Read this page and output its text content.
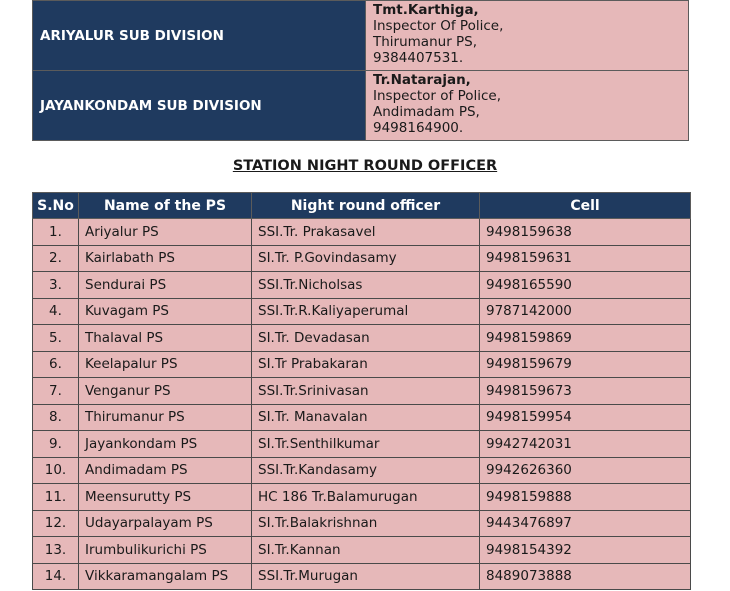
ARIYALUR SUB DIVISION	Tmt.Karthiga,
Inspector Of Police,
Thirumanur PS,
9384407531.

JAYANKONDAM SUB DIVISION	Tr.Natarajan,
Inspector of Police,
Andimadam PS,
9498164900.
STATION NIGHT ROUND OFFICER
S.No	Name of the PS	Night round officer	Cell
1.	Ariyalur PS	SSI.Tr. Prakasavel	9498159638
2.	Kairlabath PS	SI.Tr. P.Govindasamy	9498159631
3.	Sendurai PS	SSI.Tr.Nicholsas	9498165590
4.	Kuvagam PS	SSI.Tr.R.Kaliyaperumal	9787142000
5.	Thalaval PS	SI.Tr. Devadasan	9498159869
6.	Keelapalur PS	SI.Tr Prabakaran	9498159679
7.	Venganur PS	SSI.Tr.Srinivasan	9498159673
8.	Thirumanur PS	SI.Tr. Manavalan	9498159954
9.	Jayankondam PS	SI.Tr.Senthilkumar	9942742031
10.	Andimadam PS	SSI.Tr.Kandasamy	9942626360
11.	Meensurutty PS	HC 186 Tr.Balamurugan	9498159888
12.	Udayarpalayam PS	SI.Tr.Balakrishnan	9443476897
13.	Irumbulikurichi PS	SI.Tr.Kannan	9498154392
14.	Vikkaramangalam PS	SSI.Tr.Murugan	8489073888
